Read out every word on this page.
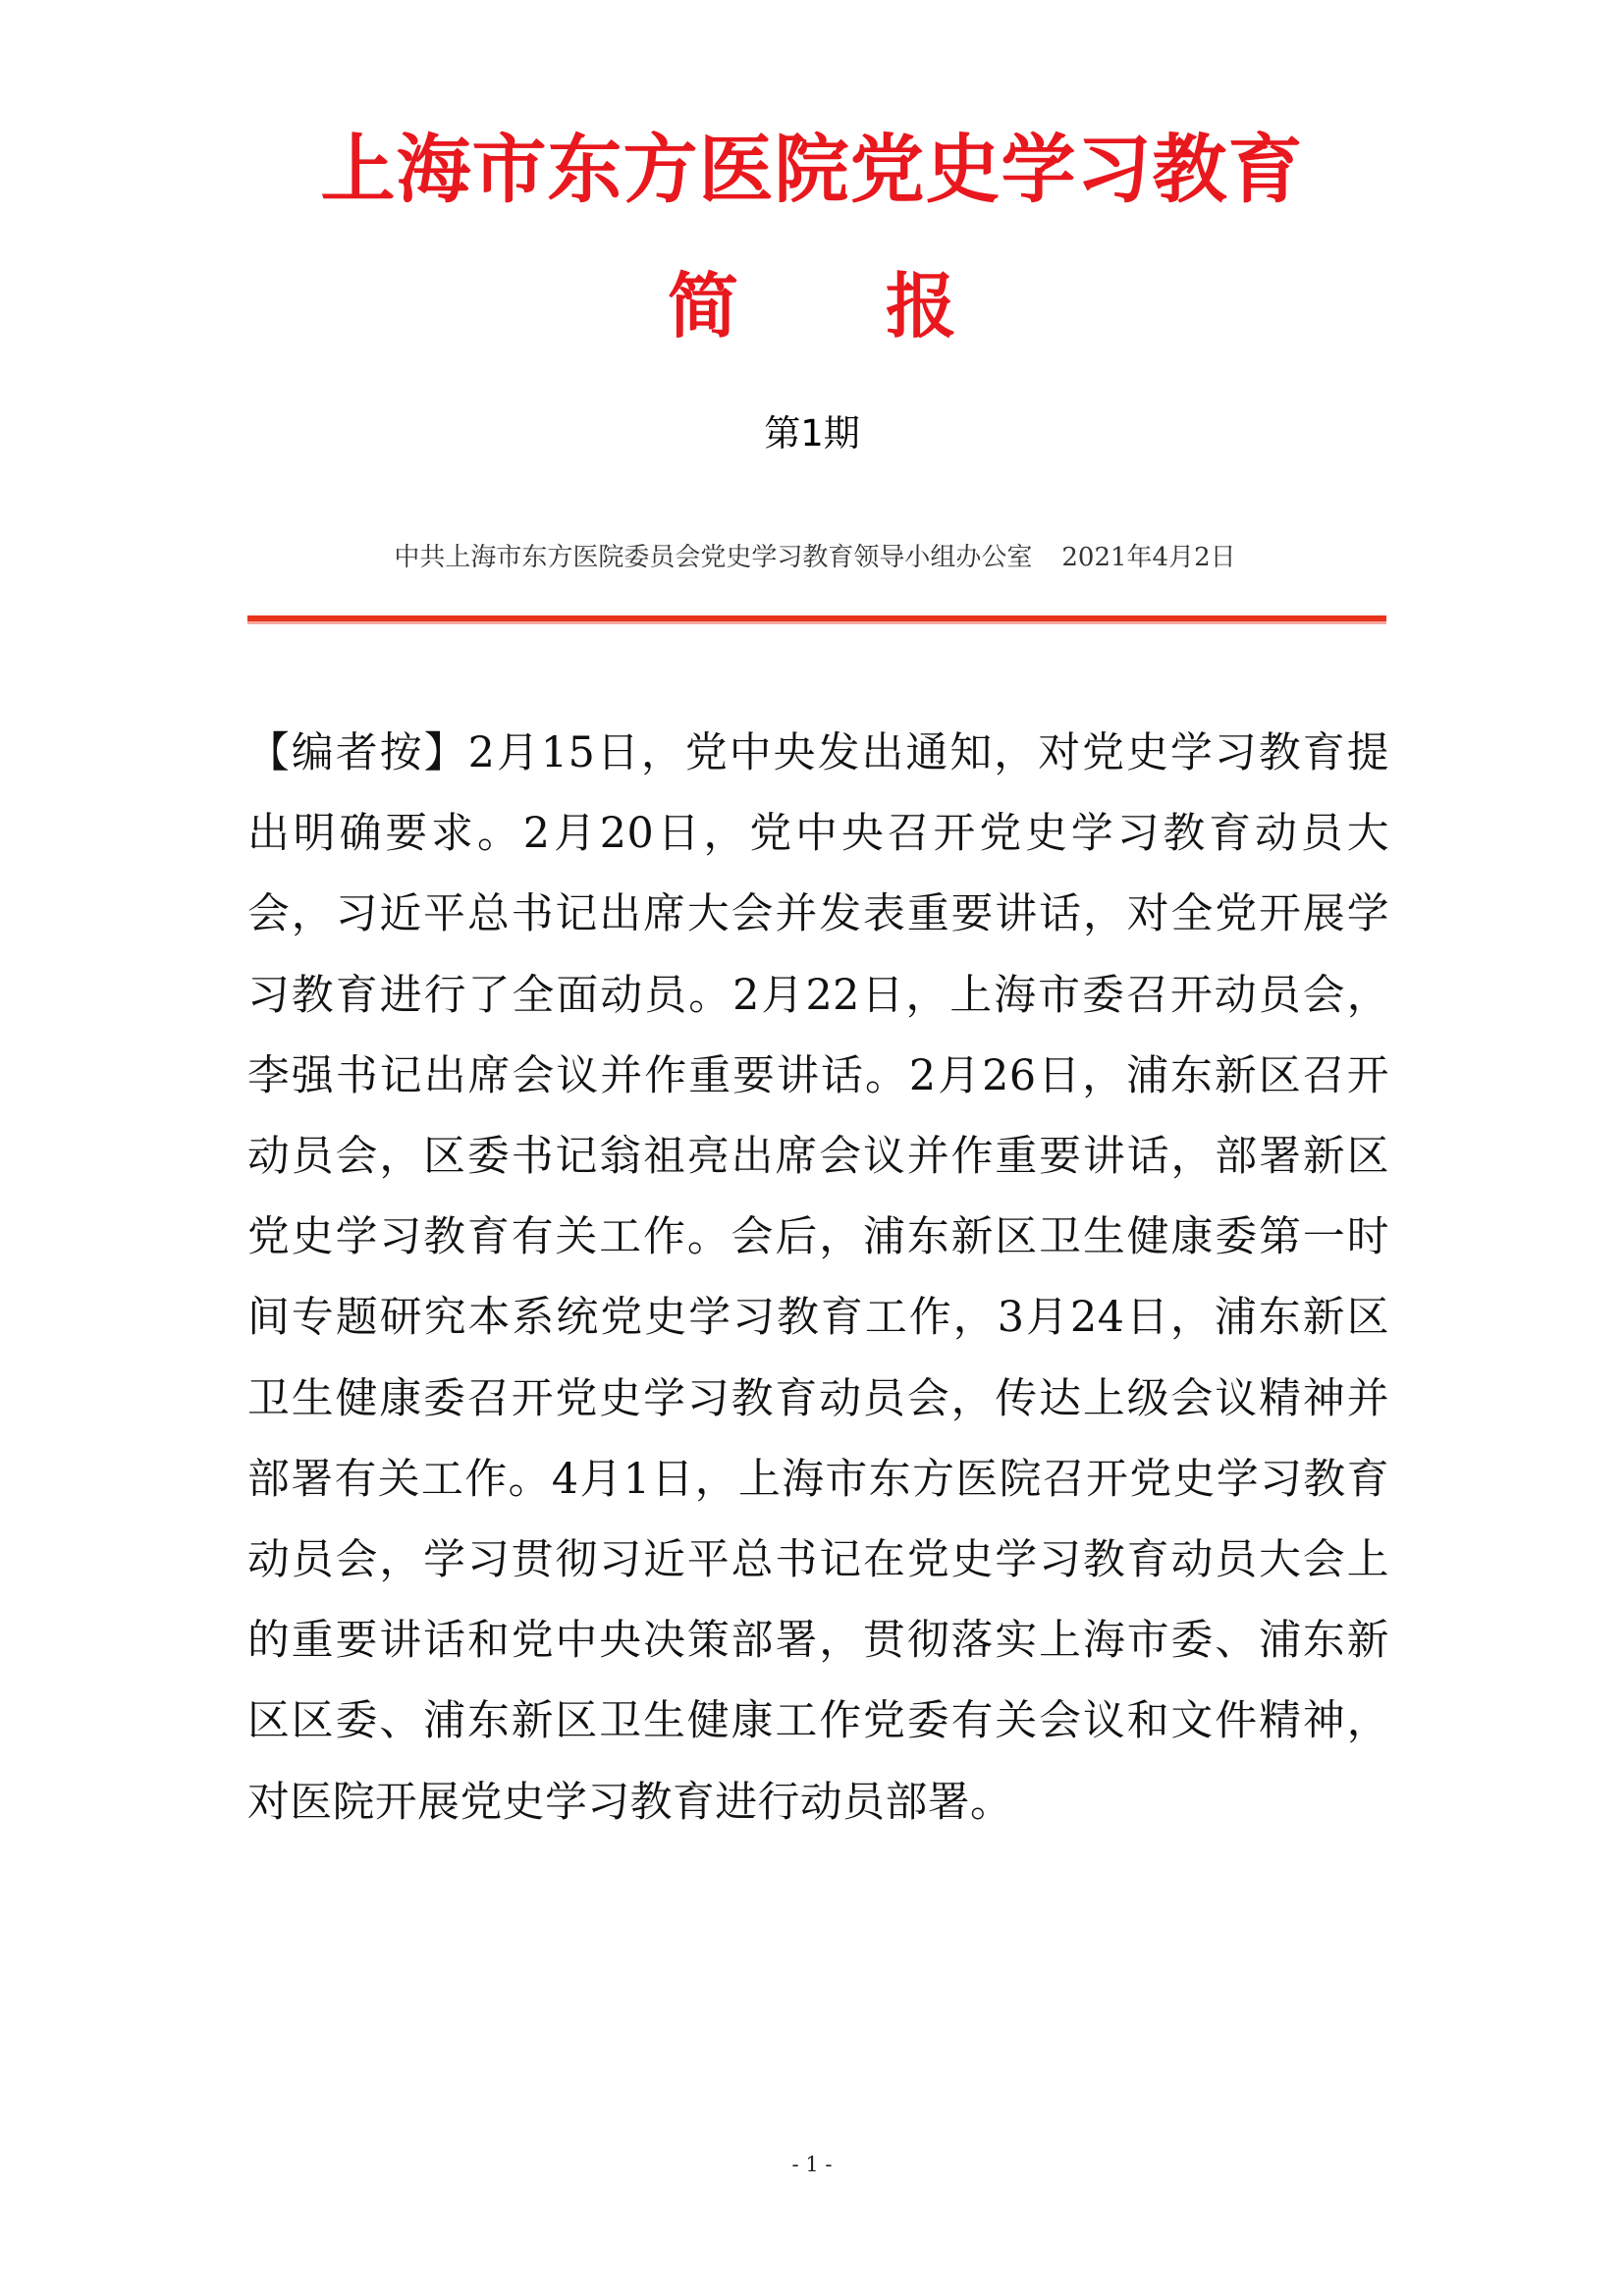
上海市东方医院党史学习教育
简 报
第1期
中共上海市东方医院委员会党史学习教育领导小组办公室 2021年4月2日
【编者按】2月15日，党中央发出通知，对党史学习教育提出明确要求。2月20日，党中央召开党史学习教育动员大会，习近平总书记出席大会并发表重要讲话，对全党开展学习教育进行了全面动员。2月22日，上海市委召开动员会，李强书记出席会议并作重要讲话。2月26日，浦东新区召开动员会，区委书记翁祖亮出席会议并作重要讲话，部署新区党史学习教育有关工作。会后，浦东新区卫生健康委第一时间专题研究本系统党史学习教育工作，3月24日，浦东新区卫生健康委召开党史学习教育动员会，传达上级会议精神并部署有关工作。4月1日，上海市东方医院召开党史学习教育动员会，学习贯彻习近平总书记在党史学习教育动员大会上的重要讲话和党中央决策部署，贯彻落实上海市委、浦东新区区委、浦东新区卫生健康工作党委有关会议和文件精神，对医院开展党史学习教育进行动员部署。
- 1 -
